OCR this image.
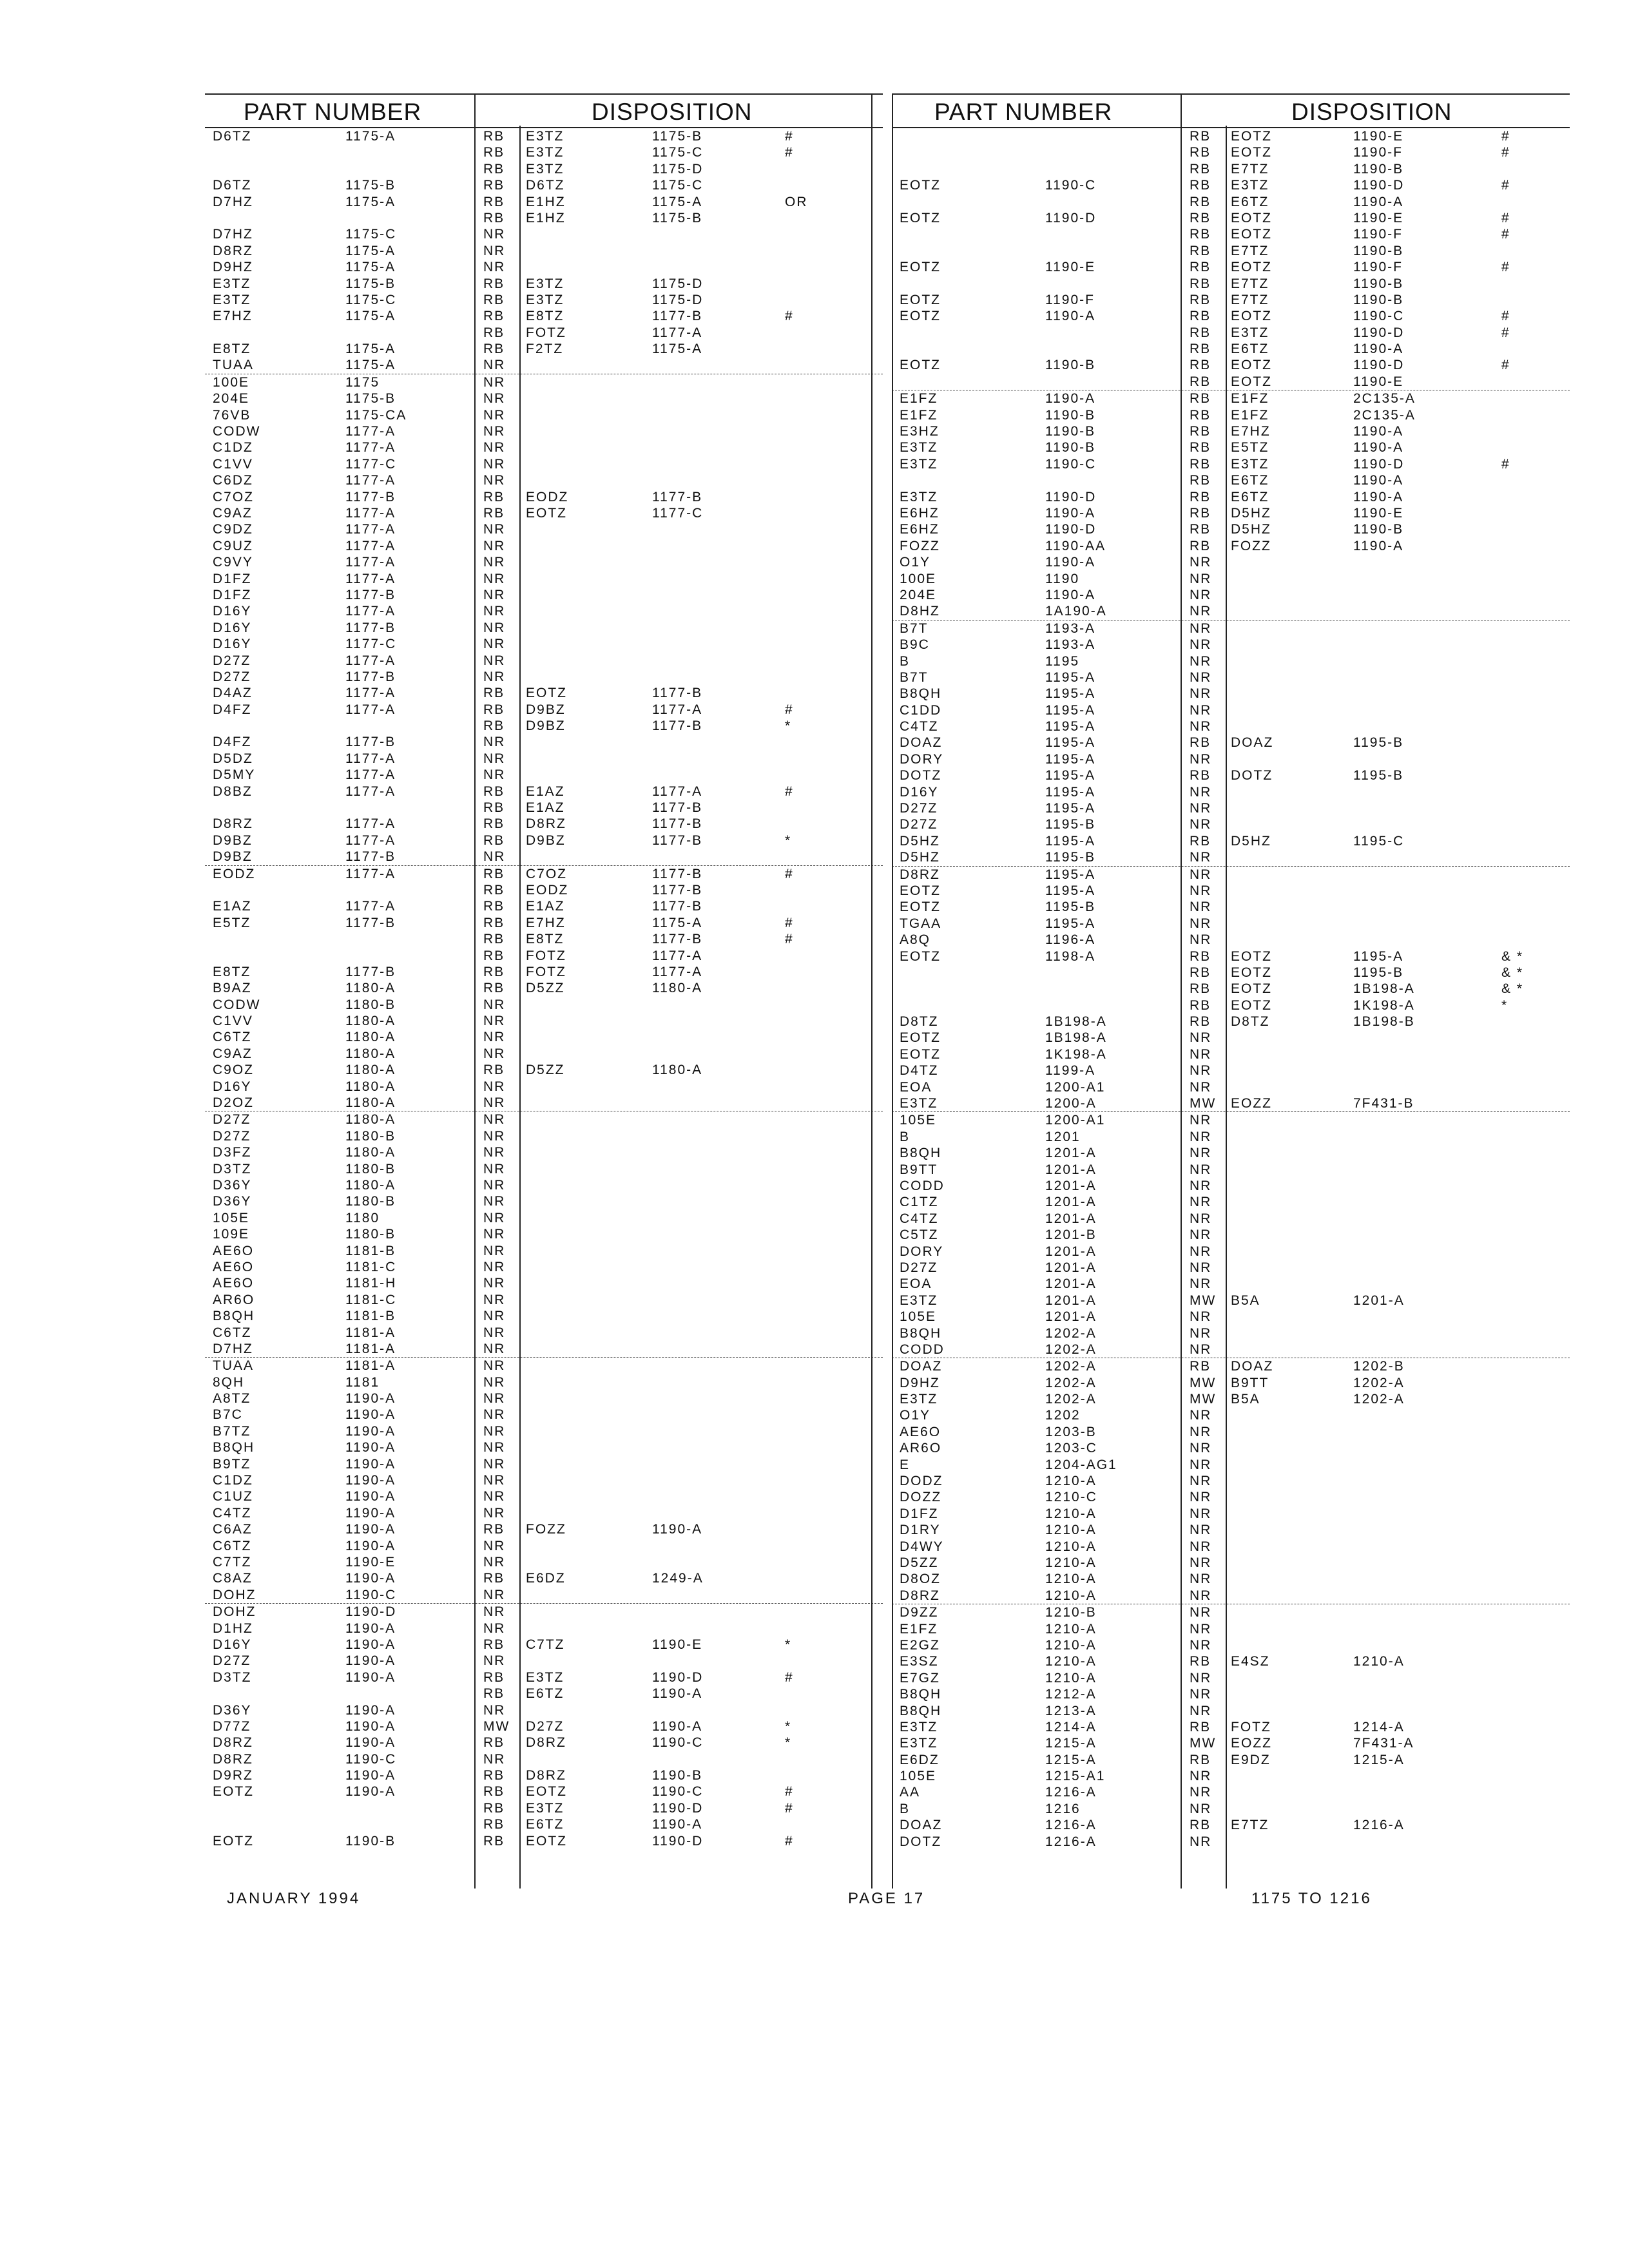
PART NUMBER	DISPOSITION
D6TZ	1175-A	RB E3TZ	1175-B	#
RB E3TZ	1175-C	#
RB E3TZ	1175-D
D6TZ	1175-B	RB D6TZ	1175-C
D7HZ	1175-A	RB E1HZ	1175-A	OR
RB E1HZ	1175-B
D7HZ	1175-C	NR
D8RZ	1175-A	NR
D9HZ	1175-A	NR
E3TZ	1175-B	RB E3TZ	1175-D
E3TZ	1175-C	RB E3TZ	1175-D
E7HZ	1175-A	RB E8TZ	1177-B	#
RB FOTZ	1177-A
E8TZ	1175-A	RB F2TZ	1175-A
TUAA	1175-A	NR
100E	1175	NR
204E	1175-B	NR
76VB	1175-CA	NR
CODW	1177-A	NR
C1DZ	1177-A	NR
C1VV	1177-C	NR
C6DZ	1177-A	NR
C7OZ	1177-B	RB EODZ	1177-B
C9AZ	1177-A	RB EOTZ	1177-C
C9DZ	1177-A	NR
C9UZ	1177-A	NR
C9VY	1177-A	NR
D1FZ	1177-A	NR
D1FZ	1177-B	NR
D16Y	1177-A	NR
D16Y	1177-B	NR
D16Y	1177-C	NR
D27Z	1177-A	NR
D27Z	1177-B	NR
D4AZ	1177-A	RB EOTZ	1177-B
D4FZ	1177-A	RB D9BZ	1177-A	#
RB D9BZ	1177-B	*
D4FZ	1177-B	NR
D5DZ	1177-A	NR
D5MY	1177-A	NR
D8BZ	1177-A	RB E1AZ	1177-A	#
RB E1AZ	1177-B
D8RZ	1177-A	RB D8RZ	1177-B
D9BZ	1177-A	RB D9BZ	1177-B	*
D9BZ	1177-B	NR
EODZ	1177-A	RB C7OZ	1177-B	#
RB EODZ	1177-B
E1AZ	1177-A	RB E1AZ	1177-B
E5TZ	1177-B	RB E7HZ	1175-A	#
RB E8TZ	1177-B	#
RB FOTZ	1177-A
E8TZ	1177-B	RB FOTZ	1177-A
B9AZ	1180-A	RB D5ZZ	1180-A
CODW	1180-B	NR
C1VV	1180-A	NR
C6TZ	1180-A	NR
C9AZ	1180-A	NR
C9OZ	1180-A	RB D5ZZ	1180-A
D16Y	1180-A	NR
D2OZ	1180-A	NR
D27Z	1180-A	NR
D27Z	1180-B	NR
D3FZ	1180-A	NR
D3TZ	1180-B	NR
D36Y	1180-A	NR
D36Y	1180-B	NR
105E	1180	NR
109E	1180-B	NR
AE6O	1181-B	NR
AE6O	1181-C	NR
AE6O	1181-H	NR
AR6O	1181-C	NR
B8QH	1181-B	NR
C6TZ	1181-A	NR
D7HZ	1181-A	NR
TUAA	1181-A	NR
8QH	1181	NR
A8TZ	1190-A	NR
B7C	1190-A	NR
B7TZ	1190-A	NR
B8QH	1190-A	NR
B9TZ	1190-A	NR
C1DZ	1190-A	NR
C1UZ	1190-A	NR
C4TZ	1190-A	NR
C6AZ	1190-A	RB FOZZ	1190-A
C6TZ	1190-A	NR
C7TZ	1190-E	NR
C8AZ	1190-A	RB E6DZ	1249-A
DOHZ	1190-C	NR
DOHZ	1190-D	NR
D1HZ	1190-A	NR
D16Y	1190-A	RB C7TZ	1190-E	*
D27Z	1190-A	NR
D3TZ	1190-A	RB E3TZ	1190-D	#
RB E6TZ	1190-A
D36Y	1190-A	NR
D77Z	1190-A	MW D27Z	1190-A	*
D8RZ	1190-A	RB D8RZ	1190-C	*
D8RZ	1190-C	NR
D9RZ	1190-A	RB D8RZ	1190-B
EOTZ	1190-A	RB EOTZ	1190-C	#
RB E3TZ	1190-D	#
RB E6TZ	1190-A
EOTZ	1190-B	RB EOTZ	1190-D	#
PART NUMBER	DISPOSITION
RB EOTZ	1190-E	#
RB EOTZ	1190-F	#
RB E7TZ	1190-B
EOTZ	1190-C	RB E3TZ	1190-D	#
RB E6TZ	1190-A
EOTZ	1190-D	RB EOTZ	1190-E	#
RB EOTZ	1190-F	#
RB E7TZ	1190-B
EOTZ	1190-E	RB EOTZ	1190-F	#
RB E7TZ	1190-B
EOTZ	1190-F	RB E7TZ	1190-B
EOTZ	1190-A	RB EOTZ	1190-C	#
RB E3TZ	1190-D	#
RB E6TZ	1190-A
EOTZ	1190-B	RB EOTZ	1190-D	#
RB EOTZ	1190-E
E1FZ	1190-A	RB E1FZ	2C135-A
E1FZ	1190-B	RB E1FZ	2C135-A
E3HZ	1190-B	RB E7HZ	1190-A
E3TZ	1190-B	RB E5TZ	1190-A
E3TZ	1190-C	RB E3TZ	1190-D	#
RB E6TZ	1190-A
E3TZ	1190-D	RB E6TZ	1190-A
E6HZ	1190-A	RB D5HZ	1190-E
E6HZ	1190-D	RB D5HZ	1190-B
FOZZ	1190-AA	RB FOZZ	1190-A
O1Y	1190-A	NR
100E	1190	NR
204E	1190-A	NR
D8HZ	1A190-A	NR
B7T	1193-A	NR
B9C	1193-A	NR
B	1195	NR
B7T	1195-A	NR
B8QH	1195-A	NR
C1DD	1195-A	NR
C4TZ	1195-A	NR
DOAZ	1195-A	RB DOAZ	1195-B
DORY	1195-A	NR
DOTZ	1195-A	RB DOTZ	1195-B
D16Y	1195-A	NR
D27Z	1195-A	NR
D27Z	1195-B	NR
D5HZ	1195-A	RB D5HZ	1195-C
D5HZ	1195-B	NR
D8RZ	1195-A	NR
EOTZ	1195-A	NR
EOTZ	1195-B	NR
TGAA	1195-A	NR
A8Q	1196-A	NR
EOTZ	1198-A	RB EOTZ	1195-A	& *
RB EOTZ	1195-B	& *
RB EOTZ	1B198-A	& *
RB EOTZ	1K198-A	*
D8TZ	1B198-A	RB D8TZ	1B198-B
EOTZ	1B198-A	NR
EOTZ	1K198-A	NR
D4TZ	1199-A	NR
EOA	1200-A1	NR
E3TZ	1200-A	MW EOZZ	7F431-B
105E	1200-A1	NR
B	1201	NR
B8QH	1201-A	NR
B9TT	1201-A	NR
CODD	1201-A	NR
C1TZ	1201-A	NR
C4TZ	1201-A	NR
C5TZ	1201-B	NR
DORY	1201-A	NR
D27Z	1201-A	NR
EOA	1201-A	NR
E3TZ	1201-A	MW B5A	1201-A
105E	1201-A	NR
B8QH	1202-A	NR
CODD	1202-A	NR
DOAZ	1202-A	RB DOAZ	1202-B
D9HZ	1202-A	MW B9TT	1202-A
E3TZ	1202-A	MW B5A	1202-A
O1Y	1202	NR
AE6O	1203-B	NR
AR6O	1203-C	NR
E	1204-AG1	NR
DODZ	1210-A	NR
DOZZ	1210-C	NR
D1FZ	1210-A	NR
D1RY	1210-A	NR
D4WY	1210-A	NR
D5ZZ	1210-A	NR
D8OZ	1210-A	NR
D8RZ	1210-A	NR
D9ZZ	1210-B	NR
E1FZ	1210-A	NR
E2GZ	1210-A	NR
E3SZ	1210-A	RB E4SZ	1210-A
E7GZ	1210-A	NR
B8QH	1212-A	NR
B8QH	1213-A	NR
E3TZ	1214-A	RB FOTZ	1214-A
E3TZ	1215-A	MW EOZZ	7F431-A
E6DZ	1215-A	RB E9DZ	1215-A
105E	1215-A1	NR
AA	1216-A	NR
B	1216	NR
DOAZ	1216-A	RB E7TZ	1216-A
DOTZ	1216-A	NR
JANUARY 1994	PAGE 17	1175 TO 1216
